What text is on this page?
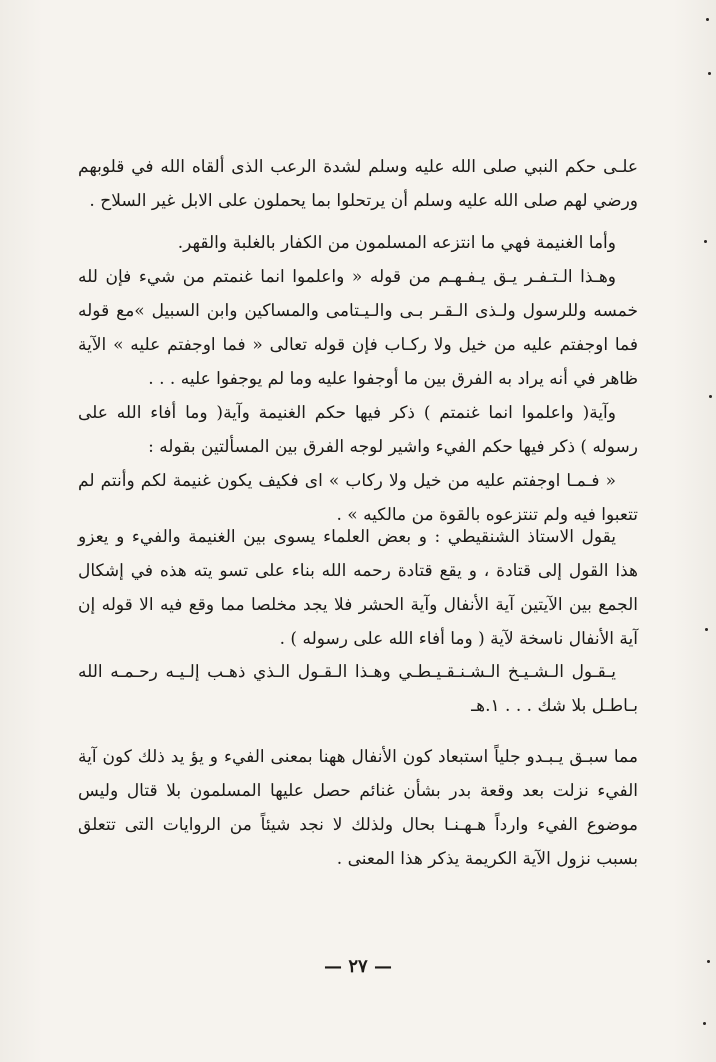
علـى حكم النبي صلى الله عليه وسلم لشدة الرعب الذى ألقاه الله في قلوبهم ورضي لهم صلى الله عليه وسلم أن يرتحلوا بما يحملون على الابل غير السلاح .

وأما الغنيمة فهي ما انتزعه المسلمون من الكفار بالغلبة والقهر.

وهـذا الـتـفـر يـق يـفـهـم من قوله « واعلموا انما غنمتم من شيء فإن لله خمسه وللرسول ولـذى الـقـر بـى والـيـتامى والمساكين وابن السبيل »مع قوله فما اوجفتم عليه من خيل ولا ركـاب فإن قوله تعالى « فما اوجفتم عليه » الآية ظاهر في أنه يراد به الفرق بين ما أوجفوا عليه وما لم يوجفوا عليه . . .

وآية( واعلموا انما غنمتم ) ذكر فيها حكم الغنيمة وآية( وما أفاء الله على رسوله ) ذكر فيها حكم الفيء واشير لوجه الفرق بين المسألتين بقوله :

« فـمـا اوجفتم عليه من خيل ولا ركاب » اى فكيف يكون غنيمة لكم وأنتم لم تتعبوا فيه ولم تنتزعوه بالقوة من مالكيه » .

يقول الاستاذ الشنقيطي : و بعض العلماء يسوى بين الغنيمة والفيء و يعزو هذا القول إلى قتادة ، و يقع قتادة رحمه الله بناء على تسو يته هذه في إشكال الجمع بين الآيتين آية الأنفال وآية الحشر فلا يجد مخلصا مما وقع فيه الا قوله إن آية الأنفال ناسخة لآية ( وما أفاء الله على رسوله ) .

يـقـول الـشـيـخ الـشـنـقـيـطـي وهـذا الـقـول الـذي ذهـب إلـيـه رحـمـه الله بـاطـل بلا شك . . . ١.هـ

مما سبـق يـبـدو جلياً استبعاد كون الأنفال ههنا بمعنى الفيء و يؤ يد ذلك كون آية الفيء نزلت بعد وقعة بدر بشأن غنائم حصل عليها المسلمون بلا قتال وليس موضوع الفيء وارداً هـهـنـا بحال ولذلك لا نجد شيئاً من الروايات التى تتعلق بسبب نزول الآية الكريمة يذكر هذا المعنى .

— ٢٧ —
